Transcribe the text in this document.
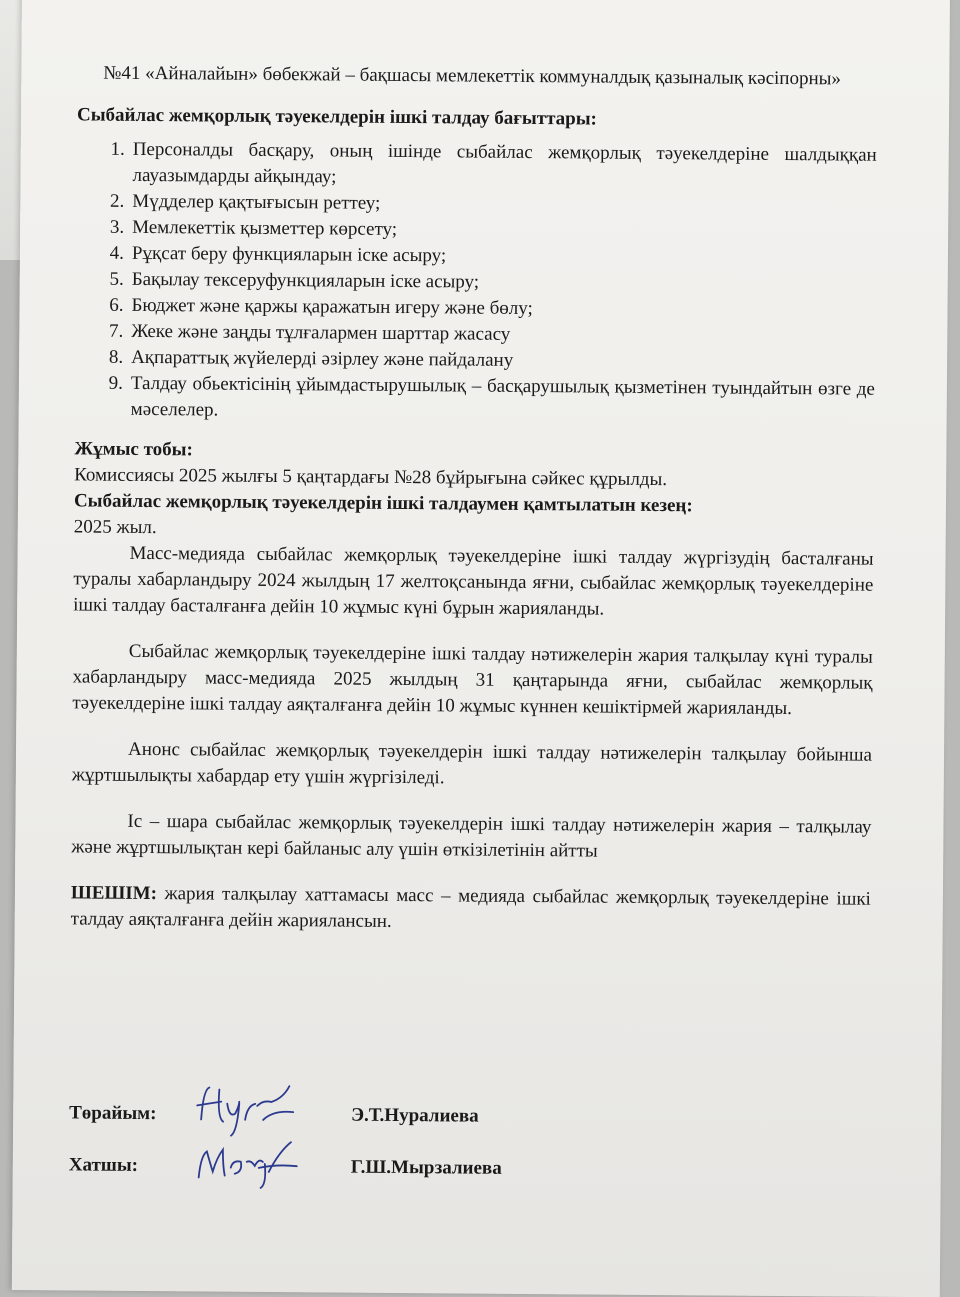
№41 «Айналайын» бөбекжай – бақшасы мемлекеттік коммуналдық қазыналық кәсіпорны»
Сыбайлас жемқорлық тәуекелдерін ішкі талдау бағыттары:
1. Персоналды басқару, оның ішінде сыбайлас жемқорлық тәуекелдеріне шалдыққан лауазымдарды айқындау;
2. Мүдделер қақтығысын реттеу;
3. Мемлекеттік қызметтер көрсету;
4. Рұқсат беру функцияларын іске асыру;
5. Бақылау тексеруфункцияларын іске асыру;
6. Бюджет және қаржы қаражатын игеру және бөлу;
7. Жеке және заңды тұлғалармен шарттар жасасу
8. Ақпараттық жүйелерді әзірлеу және пайдалану
9. Талдау обьектісінің ұйымдастырушылық – басқарушылық қызметінен туындайтын өзге де мәселелер.
Жұмыс тобы:
Комиссиясы 2025 жылғы 5 қаңтардағы №28 бұйрығына сәйкес құрылды.
Сыбайлас жемқорлық тәуекелдерін ішкі талдаумен қамтылатын кезең:
2025 жыл.
Масс-медияда сыбайлас жемқорлық тәуекелдеріне ішкі талдау жүргізудің басталғаны туралы хабарландыру 2024 жылдың 17 желтоқсанында яғни, сыбайлас жемқорлық тәуекелдеріне ішкі талдау басталғанға дейін 10 жұмыс күні бұрын жарияланды.
Сыбайлас жемқорлық тәуекелдеріне ішкі талдау нәтижелерін жария талқылау күні туралы хабарландыру масс-медияда 2025 жылдың 31 қаңтарында яғни, сыбайлас жемқорлық тәуекелдеріне ішкі талдау аяқталғанға дейін 10 жұмыс күннен кешіктірмей жарияланды.
Анонс сыбайлас жемқорлық тәуекелдерін ішкі талдау нәтижелерін талқылау бойынша жұртшылықты хабардар ету үшін жүргізіледі.
Іс – шара сыбайлас жемқорлық тәуекелдерін ішкі талдау нәтижелерін жария – талқылау және жұртшылықтан кері байланыс алу үшін өткізілетінін айтты
ШЕШІМ: жария талқылау хаттамасы масс – медияда сыбайлас жемқорлық тәуекелдеріне ішкі талдау аяқталғанға дейін жариялансын.
Төрайым:	Э.Т.Нуралиева
Хатшы:	Г.Ш.Мырзалиева
